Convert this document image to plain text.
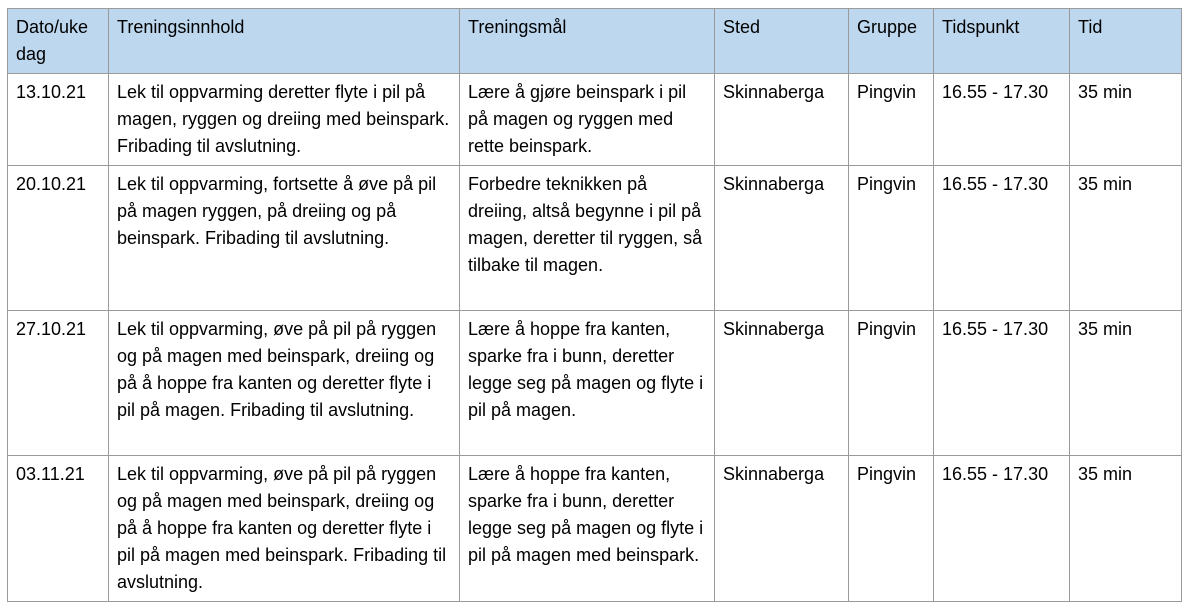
Dato/uke dag	Treningsinnhold	Treningsmål	Sted	Gruppe	Tidspunkt	Tid
13.10.21	Lek til oppvarming deretter flyte i pil på magen, ryggen og dreiing med beinspark. Fribading til avslutning.	Lære å gjøre beinspark i pil på magen og ryggen med rette beinspark.	Skinnaberga	Pingvin	16.55 - 17.30	35 min
20.10.21	Lek til oppvarming, fortsette å øve på pil på magen ryggen, på dreiing og på beinspark. Fribading til avslutning.	Forbedre teknikken på dreiing, altså begynne i pil på magen, deretter til ryggen, så tilbake til magen.	Skinnaberga	Pingvin	16.55 - 17.30	35 min
27.10.21	Lek til oppvarming, øve på pil på ryggen og på magen med beinspark, dreiing og på å hoppe fra kanten og deretter flyte i pil på magen. Fribading til avslutning.	Lære å hoppe fra kanten, sparke fra i bunn, deretter legge seg på magen og flyte i pil på magen.	Skinnaberga	Pingvin	16.55 - 17.30	35 min
03.11.21	Lek til oppvarming, øve på pil på ryggen og på magen med beinspark, dreiing og på å hoppe fra kanten og deretter flyte i pil på magen med beinspark. Fribading til avslutning.	Lære å hoppe fra kanten, sparke fra i bunn, deretter legge seg på magen og flyte i pil på magen med beinspark.	Skinnaberga	Pingvin	16.55 - 17.30	35 min
